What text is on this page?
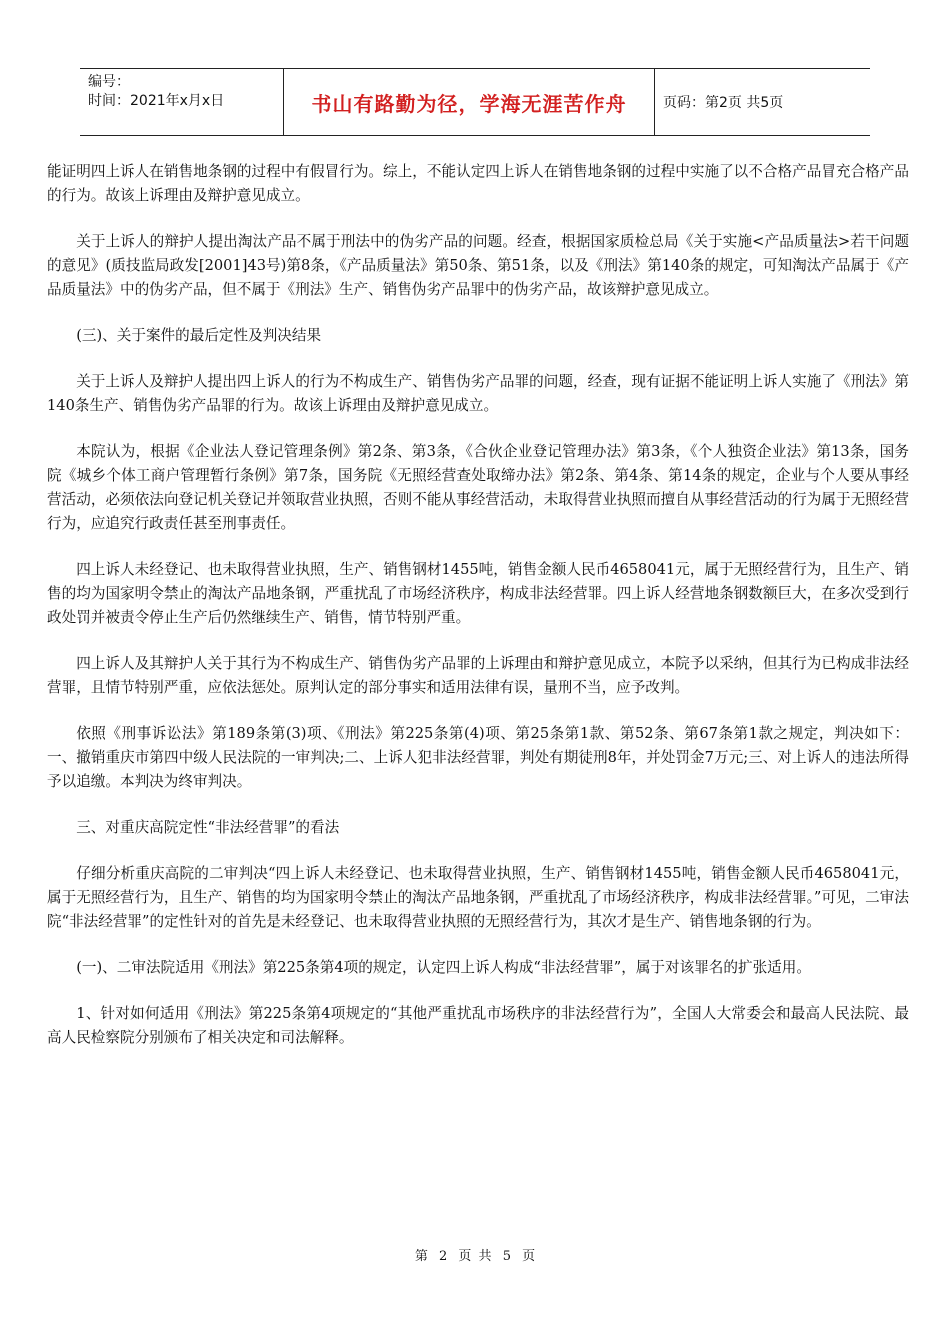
编号：
时间：2021年x月x日	书山有路勤为径，学海无涯苦作舟	页码：第2页 共5页

能证明四上诉人在销售地条钢的过程中有假冒行为。综上，不能认定四上诉人在销售地条钢的过程中实施了以不合格产品冒充合格产品的行为。故该上诉理由及辩护意见成立。

关于上诉人的辩护人提出淘汰产品不属于刑法中的伪劣产品的问题。经查，根据国家质检总局《关于实施<产品质量法>若干问题的意见》(质技监局政发[2001]43号)第8条，《产品质量法》第50条、第51条，以及《刑法》第140条的规定，可知淘汰产品属于《产品质量法》中的伪劣产品，但不属于《刑法》生产、销售伪劣产品罪中的伪劣产品，故该辩护意见成立。

(三)、关于案件的最后定性及判决结果

关于上诉人及辩护人提出四上诉人的行为不构成生产、销售伪劣产品罪的问题，经查，现有证据不能证明上诉人实施了《刑法》第140条生产、销售伪劣产品罪的行为。故该上诉理由及辩护意见成立。

本院认为，根据《企业法人登记管理条例》第2条、第3条，《合伙企业登记管理办法》第3条，《个人独资企业法》第13条，国务院《城乡个体工商户管理暂行条例》第7条，国务院《无照经营查处取缔办法》第2条、第4条、第14条的规定，企业与个人要从事经营活动，必须依法向登记机关登记并领取营业执照，否则不能从事经营活动，未取得营业执照而擅自从事经营活动的行为属于无照经营行为，应追究行政责任甚至刑事责任。

四上诉人未经登记、也未取得营业执照，生产、销售钢材1455吨，销售金额人民币4658041元，属于无照经营行为，且生产、销售的均为国家明令禁止的淘汰产品地条钢，严重扰乱了市场经济秩序，构成非法经营罪。四上诉人经营地条钢数额巨大，在多次受到行政处罚并被责令停止生产后仍然继续生产、销售，情节特别严重。

四上诉人及其辩护人关于其行为不构成生产、销售伪劣产品罪的上诉理由和辩护意见成立，本院予以采纳，但其行为已构成非法经营罪，且情节特别严重，应依法惩处。原判认定的部分事实和适用法律有误，量刑不当，应予改判。

依照《刑事诉讼法》第189条第(3)项、《刑法》第225条第(4)项、第25条第1款、第52条、第67条第1款之规定，判决如下：一、撤销重庆市第四中级人民法院的一审判决;二、上诉人犯非法经营罪，判处有期徒刑8年，并处罚金7万元;三、对上诉人的违法所得予以追缴。本判决为终审判决。

三、对重庆高院定性“非法经营罪”的看法

仔细分析重庆高院的二审判决“四上诉人未经登记、也未取得营业执照，生产、销售钢材1455吨，销售金额人民币4658041元，属于无照经营行为，且生产、销售的均为国家明令禁止的淘汰产品地条钢，严重扰乱了市场经济秩序，构成非法经营罪。”可见，二审法院“非法经营罪”的定性针对的首先是未经登记、也未取得营业执照的无照经营行为，其次才是生产、销售地条钢的行为。

(一)、二审法院适用《刑法》第225条第4项的规定，认定四上诉人构成“非法经营罪”，属于对该罪名的扩张适用。

1、针对如何适用《刑法》第225条第4项规定的“其他严重扰乱市场秩序的非法经营行为”，全国人大常委会和最高人民法院、最高人民检察院分别颁布了相关决定和司法解释。

第 2 页 共 5 页
